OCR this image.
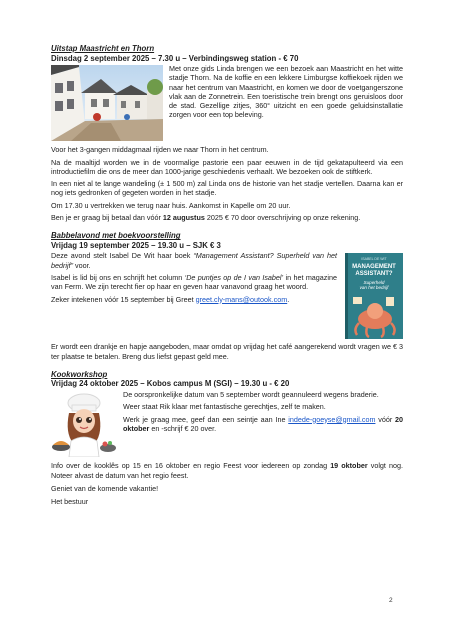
Uitstap Maastricht en Thorn
Dinsdag 2 september 2025 – 7.30 u – Verbindingsweg station - € 70

Met onze gids Linda brengen we een bezoek aan Maastricht en het witte stadje Thorn. Na de koffie en een lekkere Limburgse koffiekoek rijden we naar het centrum van Maastricht, en komen we door de voetgangerszone vlak aan de Zonnetrein. Een toeristische trein brengt ons geruisloos door de stad. Gezellige zitjes, 360° uitzicht en een goede geluidsinstallatie zorgen voor een top beleving.

Voor het 3-gangen middagmaal rijden we naar Thorn in het centrum.

Na de maaltijd worden we in de voormalige pastorie een paar eeuwen in de tijd gekatapulteerd via een introductiefilm die ons de meer dan 1000-jarige geschiedenis verhaalt. We bezoeken ook de stiftkerk.

In een niet al te lange wandeling (± 1 500 m) zal Linda ons de historie van het stadje vertellen. Daarna kan er nog iets gedronken of gegeten worden in het stadje.

Om 17.30 u vertrekken we terug naar huis. Aankomst in Kapelle om 20 uur.

Ben je er graag bij betaal dan vóór 12 augustus 2025 € 70 door overschrijving op onze rekening.

Babbelavond met boekvoorstelling
Vrijdag 19 september 2025 – 19.30 u – SJK € 3
ISABEL DE WIT
MANAGEMENT
ASSISTANT?
Superheld
van het bedrijf

Deze avond stelt Isabel De Wit haar boek “Management Assistant? Superheld van het bedrijf” voor.

Isabel is lid bij ons en schrijft het column ‘De puntjes op de I van Isabel’ in het magazine van Ferm. We zijn terecht fier op haar en geven haar vanavond graag het woord.

Zeker intekenen vóór 15 september bij Greet greet.cly-mans@outook.com.

Er wordt een drankje en hapje aangeboden, maar omdat op vrijdag het café aangerekend wordt vragen we € 3 ter plaatse te betalen. Breng dus liefst gepast geld mee.

Kookworkshop
Vrijdag 24 oktober 2025 – Kobos campus M (SGI) – 19.30 u - € 20

De oorspronkelijke datum van 5 september wordt geannuleerd wegens braderie.

Weer staat Rik klaar met fantastische gerechtjes, zelf te maken.

Werk je graag mee, geef dan een seintje aan Ine indede-goeyse@gmail.com vóór 20 oktober en -schrijf € 20 over.

Info over de kooklês op 15 en 16 oktober en regio Feest voor iedereen op zondag 19 oktober volgt nog. Noteer alvast de datum van het regio feest.

Geniet van de komende vakantie!

Het bestuur

2
